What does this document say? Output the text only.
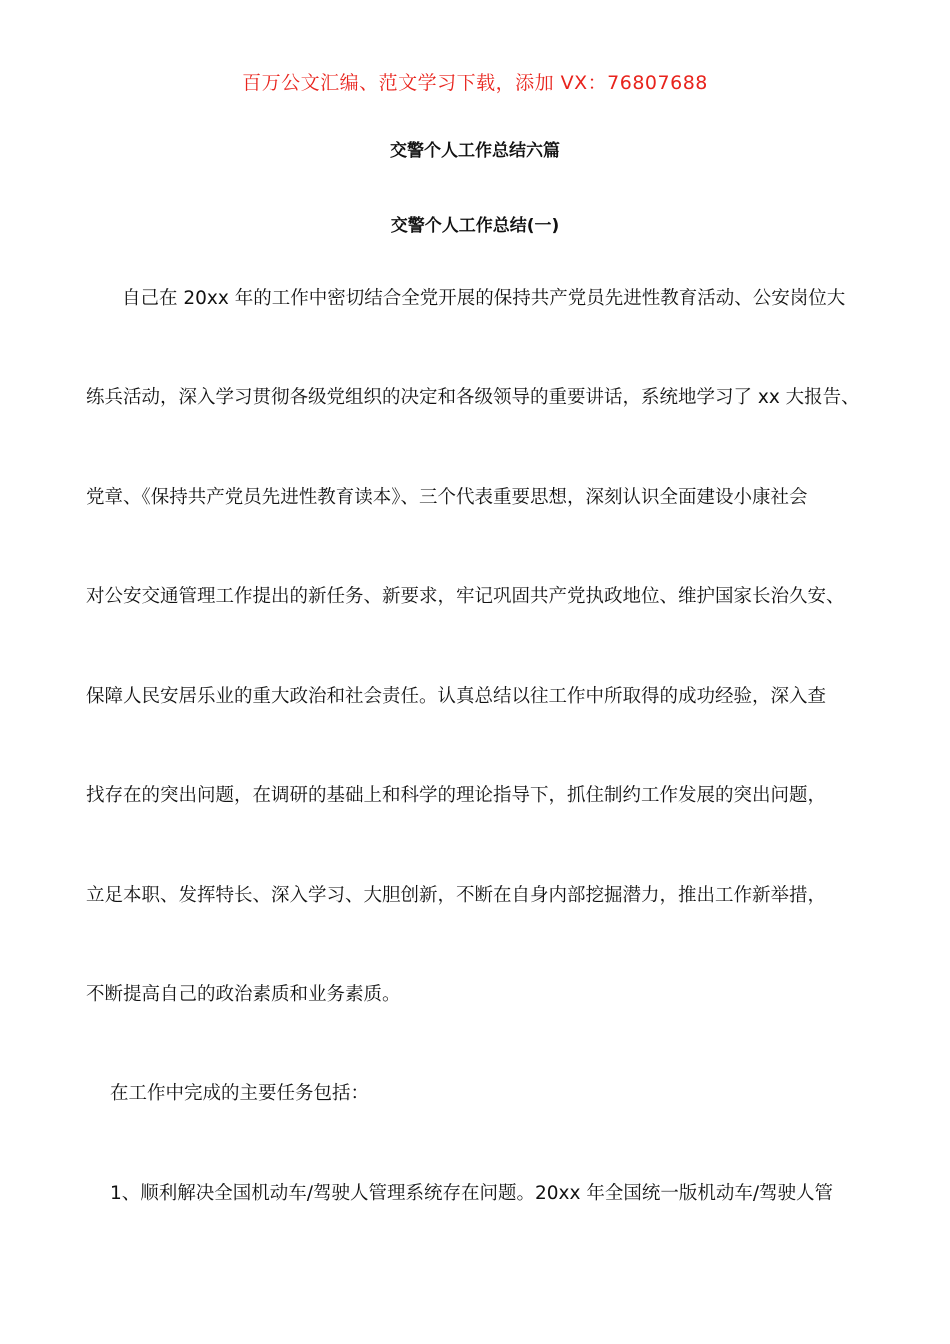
百万公文汇编、范文学习下载，添加 VX：76807688
交警个人工作总结六篇
交警个人工作总结(一)
自己在 20xx 年的工作中密切结合全党开展的保持共产党员先进性教育活动、公安岗位大
练兵活动，深入学习贯彻各级党组织的决定和各级领导的重要讲话，系统地学习了 xx 大报告、
党章、《保持共产党员先进性教育读本》、三个代表重要思想，深刻认识全面建设小康社会
对公安交通管理工作提出的新任务、新要求，牢记巩固共产党执政地位、维护国家长治久安、
保障人民安居乐业的重大政治和社会责任。认真总结以往工作中所取得的成功经验，深入查
找存在的突出问题，在调研的基础上和科学的理论指导下，抓住制约工作发展的突出问题，
立足本职、发挥特长、深入学习、大胆创新，不断在自身内部挖掘潜力，推出工作新举措，
不断提高自己的政治素质和业务素质。
在工作中完成的主要任务包括：
1、顺利解决全国机动车/驾驶人管理系统存在问题。20xx 年全国统一版机动车/驾驶人管
